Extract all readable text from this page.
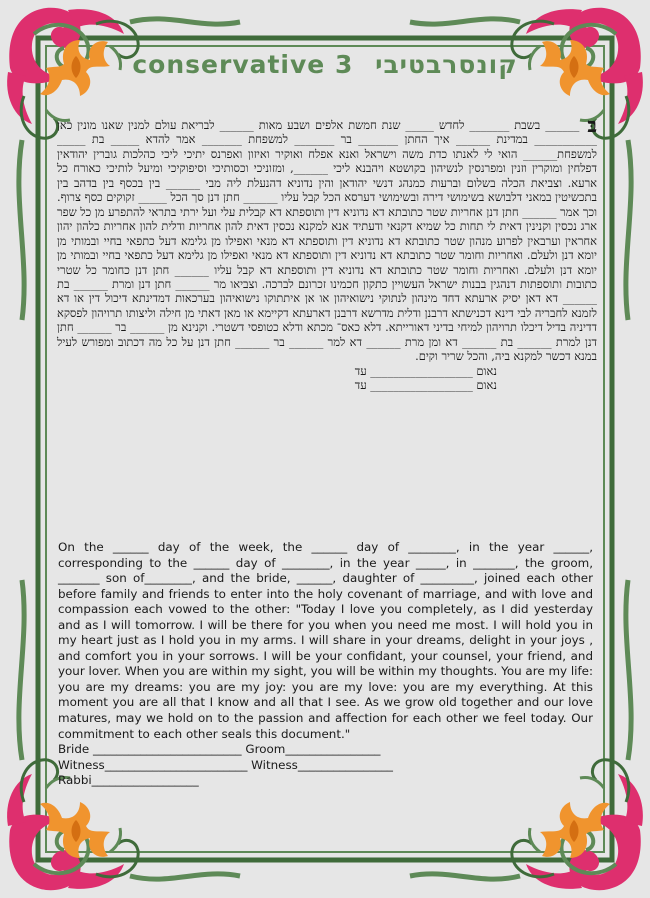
conservative 3 קונסרבטיבי

בּ ______ בשבת _______ לחדש _____ שנת חמשת אלפים ושבע מאות ______ לבריאת עולם למנין שאנו מונין כאן ___________ במדינת ______ איך החתן _______ בר _______ למשפחת _______ אמר להדא _____ בת _____ למשפחת______ הואי לי לאנתו כדת משה וישראל ואנא אפלח ואוקיר ואיזון ואפרנס יתיכי ליכי כהלכות גוברין יהודאין דפלחין ומוקרין וזנין ומפרנסין לנשיהון בקושטא ויהבנא ליכי ______, ומזוניכי וכסותיכי וסיפוקיכי ומיעל לותיכי כאורח כל ארעא. וצביאת הכלה בשלום וברעות כמנהג דנשי יהודאן והין נדוניא דהנעלת ליה מבי ______ בין בכסף בין בדהב בין בתכשיטין במאני דלבושא בשימושי דירה ובשימושי דערסא הכל קבל עליו ______ חתן דנן סך הכל _____ זקוקים כסף צרוף. וכך אמר ______ חתן דנן אחריות שטר כתובתא דא נדוניא דין ותוספתא דא קבלית עלי ועל ירתי בתראי להתפרע מן כל שפר ארג נכסין וקנינין דאית לי תחות כל שמיא דקנאי ודעתיד אנא למקנא נכסין דאית להון אחריות ודלית להון אחריות כלהון יהון אחראין וערבאין לפרוע מנהון שטר כתובתא דא נדוניא דין ותוספתא דא מנאי ואפילו מן גלימא דעל כתפאי בחיי ובמותי מן יומא דנן ולעלם. ואחריות וחומר שטר כתובתא דא נדוניא דין ותוספתא דא מנאי ואפילו מן גלימא דעל כתפאי בחיי ובמותי מן יומא דנן ולעלם. ואחריות וחומר שטר כתובתא דא נדוניא דין ותוספתא דא קבל עליו ______ חתן דנן כחומר כל שטרי כתובות ותוספתות דנהגין בבנות ישראל העשויין כתקון חכמינו זכרונם לברכה. וצביאו מר ______ חתן דנן ומרת ______ בת ______ דא דאן יסיק ארעתא דחד מינהון לנתוקי נישואיהון או אן איתתוקו נישואיהון בערכאות דמדינתא דיכול דין או דא לזמנא לחבריה לבי דינא דכנישתא דרבנן ודלית מדרשא דרבנן דארעתא דקיימא או מאן דאתי מן חילה וליצותו תרויהון לפסקא דדיניה בדיל דיכלו תרויהון למיחי בדיני דאורייתא. דלא כאס־ מכתא ודלא כטופסי דשטרי. וקנינא מן ______ בר ______ חתן דנן למרת ______ בת ______ דא ומן מרת ______ דא למר ______ בר ______ חתן דנן על כל מה דכתוב ומפורש לעיל במנא דכשר למקנא ביה, והכל שריר וקים.

נאום __________________ עד

נאום __________________ עד

On the ______ day of the week, the ______ day of ________, in the year ______, corresponding to the ______ day of ________, in the year _____, in _______, the groom, _______ son of________, and the bride, ______, daughter of _________, joined each other before family and friends to enter into the holy covenant of marriage, and with love and compassion each vowed to the other: "Today I love you completely, as I did yesterday and as I will tomorrow. I will be there for you when you need me most. I will hold you in my heart just as I hold you in my arms. I will share in your dreams, delight in your joys , and comfort you in your sorrows. I will be your confidant, your counsel, your friend, and your lover. When you are within my sight, you will be within my thoughts. You are my life: you are my dreams: you are my joy: you are my love: you are my everything. At this moment you are all that I know and all that I see. As we grow old together and our love matures, may we hold on to the passion and affection for each other we feel today. Our commitment to each other seals this document."

Bride _________________________ Groom________________

Witness________________________ Witness________________

Rabbi__________________
